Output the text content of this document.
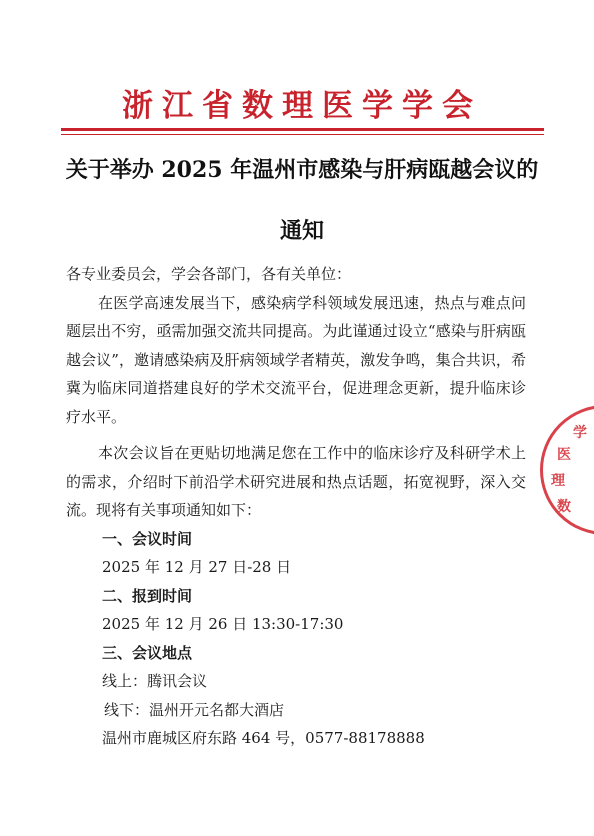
浙江省数理医学学会
关于举办 2025 年温州市感染与肝病瓯越会议的
通知

各专业委员会，学会各部门，各有关单位：

在医学高速发展当下，感染病学科领域发展迅速，热点与难点问题层出不穷，亟需加强交流共同提高。为此谨通过设立“感染与肝病瓯越会议”，邀请感染病及肝病领域学者精英，激发争鸣，集合共识，希冀为临床同道搭建良好的学术交流平台，促进理念更新，提升临床诊疗水平。

本次会议旨在更贴切地满足您在工作中的临床诊疗及科研学术上的需求，介绍时下前沿学术研究进展和热点话题，拓宽视野，深入交流。现将有关事项通知如下：

一、会议时间

2025 年 12 月 27 日-28 日

二、报到时间

2025 年 12 月 26 日 13:30-17:30

三、会议地点

线上：腾讯会议

线下：温州开元名都大酒店

温州市鹿城区府东路 464 号，0577-88178888

学
医
理
数
